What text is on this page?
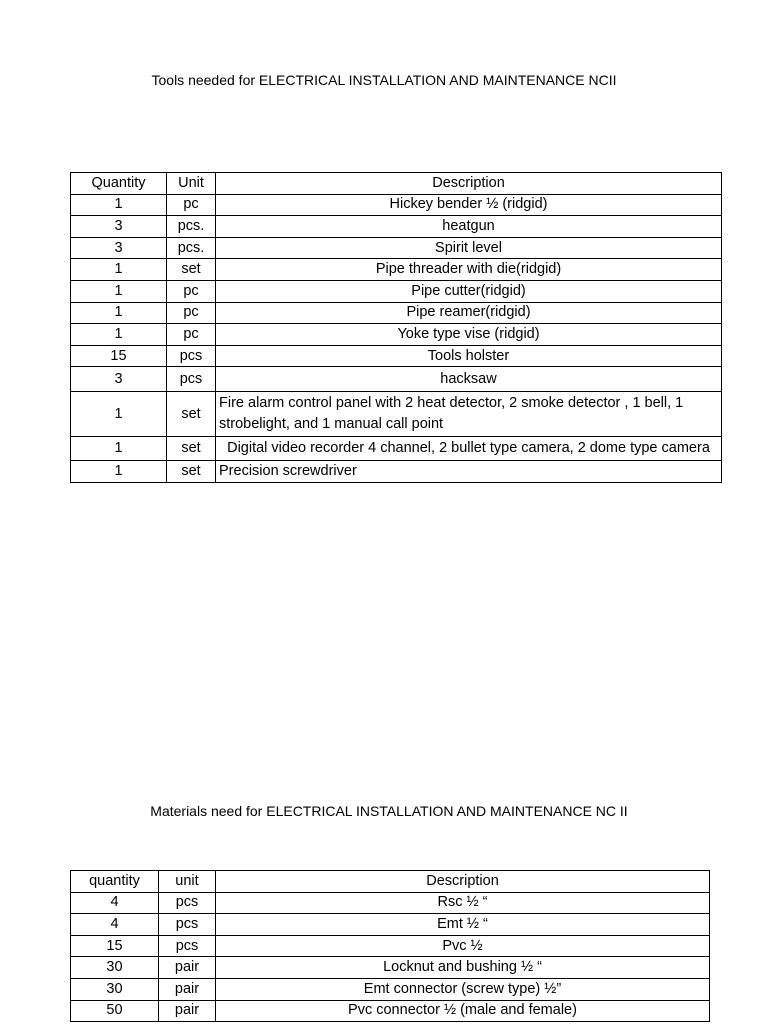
Tools needed for ELECTRICAL INSTALLATION AND MAINTENANCE NCII
Quantity	Unit	Description
1	pc	Hickey bender ½ (ridgid)
3	pcs.	heatgun
3	pcs.	Spirit level
1	set	Pipe threader with die(ridgid)
1	pc	Pipe cutter(ridgid)
1	pc	Pipe reamer(ridgid)
1	pc	Yoke type vise (ridgid)
15	pcs	Tools holster
3	pcs	hacksaw
1	set	Fire alarm control panel with 2 heat detector, 2 smoke detector , 1 bell, 1 strobelight, and 1 manual call point
1	set	Digital video recorder 4 channel, 2 bullet type camera, 2 dome type camera
1	set	Precision screwdriver
Materials need for ELECTRICAL INSTALLATION AND MAINTENANCE NC II
quantity	unit	Description
4	pcs	Rsc ½ “
4	pcs	Emt ½ “
15	pcs	Pvc ½
30	pair	Locknut and bushing ½ “
30	pair	Emt connector (screw type) ½”
50	pair	Pvc connector ½ (male and female)
